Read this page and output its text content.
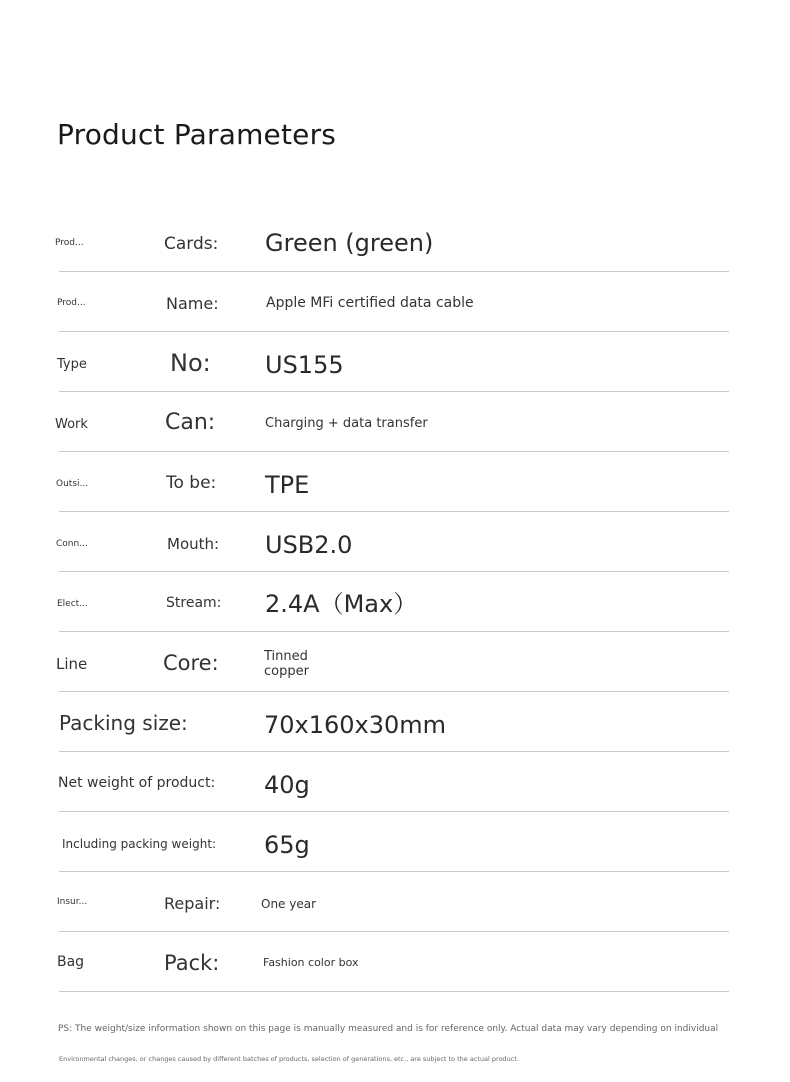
Product Parameters
Prod...	Cards: Green (green)
Prod...	Name:	Apple MFi certified data cable
Type	No: US155
Work	Can:	Charging + data transfer
Outsi...	To be: TPE
Conn...	Mouth: USB2.0
Elect...	Stream: 2.4A（Max）
Line	Core:	Tinned
copper
Packing size:	70x160x30mm
Net weight of product: 40g
Including packing weight: 65g
Insur...	Repair:	One year
Bag	Pack:	Fashion color box
PS: The weight/size information shown on this page is manually measured and is for reference only. Actual data may vary depending on individual
Environmental changes, or changes caused by different batches of products, selection of generations, etc., are subject to the actual product.
